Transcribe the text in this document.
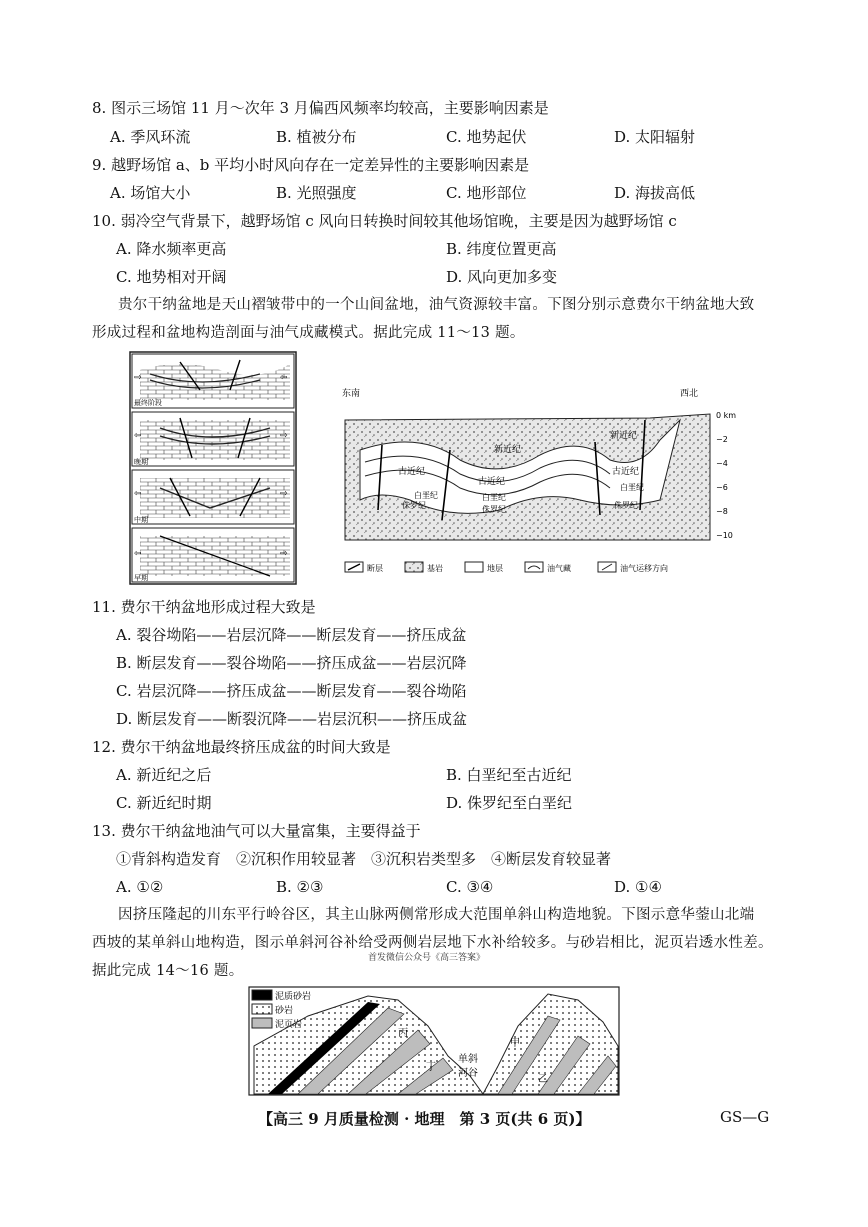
8. 图示三场馆 11 月～次年 3 月偏西风频率均较高，主要影响因素是
A. 季风环流	B. 植被分布	C. 地势起伏	D. 太阳辐射
9. 越野场馆 a、b 平均小时风向存在一定差异性的主要影响因素是
A. 场馆大小	B. 光照强度	C. 地形部位	D. 海拔高低
10. 弱冷空气背景下，越野场馆 c 风向日转换时间较其他场馆晚，主要是因为越野场馆 c
A. 降水频率更高	B. 纬度位置更高
C. 地势相对开阔	D. 风向更加多变
贵尔干纳盆地是天山褶皱带中的一个山间盆地，油气资源较丰富。下图分别示意费尔干纳盆地大致
形成过程和盆地构造剖面与油气成藏模式。据此完成 11～13 题。
⇨	⇦
最终阶段
⇦	⇨
晚期
⇦	⇨
中期
⇦	⇨
早期
东南	西北
新近纪
古近纪
白垩纪
侏罗纪
古近纪
白垩纪
侏罗纪
新近纪
古近纪
白垩纪
侏罗纪
0 km
−2
−4
−6
−8
−10
断层	基岩	地层	油气藏	油气运移方向
11. 费尔干纳盆地形成过程大致是
A. 裂谷坳陷——岩层沉降——断层发育——挤压成盆
B. 断层发育——裂谷坳陷——挤压成盆——岩层沉降
C. 岩层沉降——挤压成盆——断层发育——裂谷坳陷
D. 断层发育——断裂沉降——岩层沉积——挤压成盆
12. 费尔干纳盆地最终挤压成盆的时间大致是
A. 新近纪之后	B. 白垩纪至古近纪
C. 新近纪时期	D. 侏罗纪至白垩纪
13. 费尔干纳盆地油气可以大量富集，主要得益于
①背斜构造发育　②沉积作用较显著　③沉积岩类型多　④断层发育较显著
A. ①②	B. ②③	C. ③④	D. ①④
因挤压隆起的川东平行岭谷区，其主山脉两侧常形成大范围单斜山构造地貌。下图示意华蓥山北端
西坡的某单斜山地构造，图示单斜河谷补给受两侧岩层地下水补给较多。与砂岩相比，泥页岩透水性差。
据此完成 14～16 题。
首发微信公众号《高三答案》
泥质砂岩
砂岩
泥页岩
丙
丁
单斜
河谷
甲
乙
【高三 9 月质量检测 · 地理　第 3 页(共 6 页)】	GS—G
